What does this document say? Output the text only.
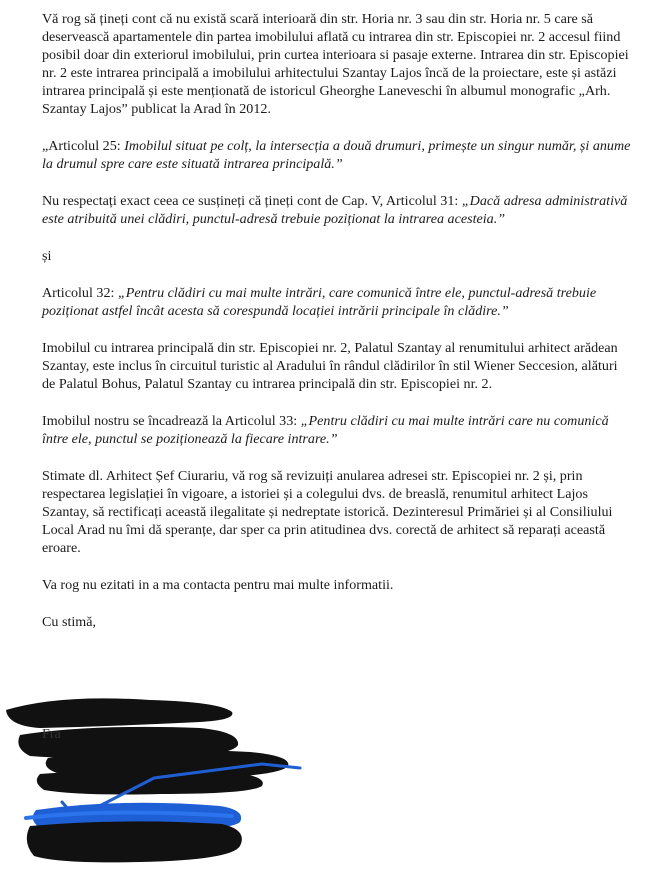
Vă rog să țineți cont că nu există scară interioară din str. Horia nr. 3 sau din str. Horia nr. 5 care să deservească apartamentele din partea imobilului aflată cu intrarea din str. Episcopiei nr. 2 accesul fiind posibil doar din exteriorul imobilului, prin curtea interioara si pasaje externe. Intrarea din str. Episcopiei nr. 2 este intrarea principală a imobilului arhitectului Szantay Lajos încă de la proiectare, este și astăzi intrarea principală și este menționată de istoricul Gheorghe Laneveschi în albumul monografic „Arh. Szantay Lajos” publicat la Arad în 2012.

„Articolul 25: Imobilul situat pe colț, la intersecția a două drumuri, primește un singur număr, și anume la drumul spre care este situată intrarea principală.”

Nu respectați exact ceea ce susțineți că țineți cont de Cap. V, Articolul 31: „Dacă adresa administrativă este atribuită unei clădiri, punctul-adresă trebuie poziționat la intrarea acesteia.”

și

Articolul 32: „Pentru clădiri cu mai multe intrări, care comunică între ele, punctul-adresă trebuie poziționat astfel încât acesta să corespundă locației intrării principale în clădire.”

Imobilul cu intrarea principală din str. Episcopiei nr. 2, Palatul Szantay al renumitului arhitect arădean Szantay, este inclus în circuitul turistic al Aradului în rândul clădirilor în stil Wiener Seccesion, alături de Palatul Bohus, Palatul Szantay cu intrarea principală din str. Episcopiei nr. 2.

Imobilul nostru se încadrează la Articolul 33: „Pentru clădiri cu mai multe intrări care nu comunică între ele, punctul se poziționează la fiecare intrare.”

Stimate dl. Arhitect Șef Ciurariu, vă rog să revizuiți anularea adresei str. Episcopiei nr. 2 și, prin respectarea legislației în vigoare, a istoriei și a colegului dvs. de breaslă, renumitul arhitect Lajos Szantay, să rectificați această ilegalitate și nedreptate istorică. Dezinteresul Primăriei și al Consiliului Local Arad nu îmi dă speranțe, dar sper ca prin atitudinea dvs. corectă de arhitect să reparați această eroare.

Va rog nu ezitati in a ma contacta pentru mai multe informatii.

Cu stimă,

Fra
